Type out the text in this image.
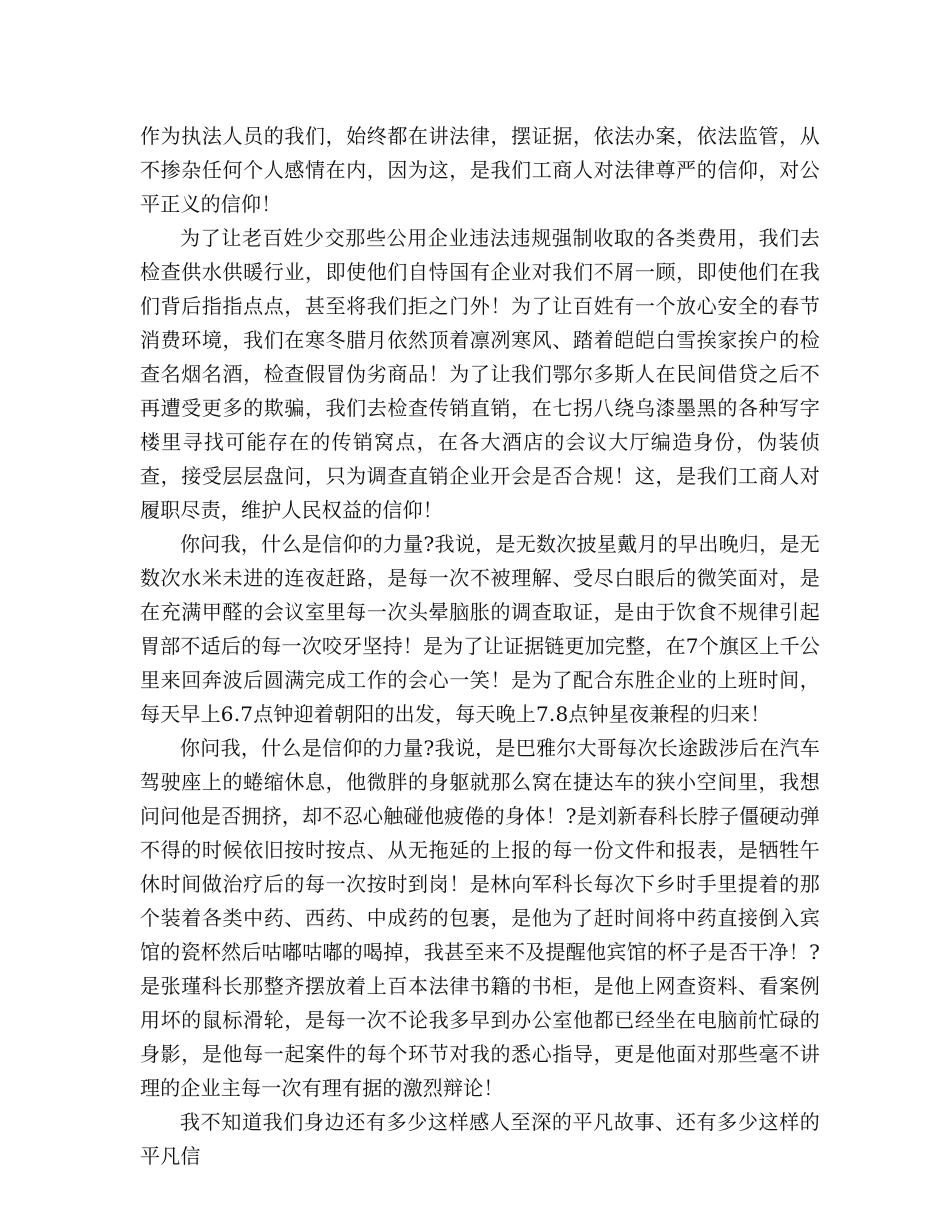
作为执法人员的我们，始终都在讲法律，摆证据，依法办案，依法监管，从不掺杂任何个人感情在内，因为这，是我们工商人对法律尊严的信仰，对公平正义的信仰！

为了让老百姓少交那些公用企业违法违规强制收取的各类费用，我们去检查供水供暖行业，即使他们自恃国有企业对我们不屑一顾，即使他们在我们背后指指点点，甚至将我们拒之门外！为了让百姓有一个放心安全的春节消费环境，我们在寒冬腊月依然顶着凛冽寒风、踏着皑皑白雪挨家挨户的检查名烟名酒，检查假冒伪劣商品！为了让我们鄂尔多斯人在民间借贷之后不再遭受更多的欺骗，我们去检查传销直销，在七拐八绕乌漆墨黑的各种写字楼里寻找可能存在的传销窝点，在各大酒店的会议大厅编造身份，伪装侦查，接受层层盘问，只为调查直销企业开会是否合规！这，是我们工商人对履职尽责，维护人民权益的信仰！

你问我，什么是信仰的力量?我说，是无数次披星戴月的早出晚归，是无数次水米未进的连夜赶路，是每一次不被理解、受尽白眼后的微笑面对，是在充满甲醛的会议室里每一次头晕脑胀的调查取证，是由于饮食不规律引起胃部不适后的每一次咬牙坚持！是为了让证据链更加完整，在7个旗区上千公里来回奔波后圆满完成工作的会心一笑！是为了配合东胜企业的上班时间，每天早上6.7点钟迎着朝阳的出发，每天晚上7.8点钟星夜兼程的归来！

你问我，什么是信仰的力量?我说，是巴雅尔大哥每次长途跋涉后在汽车驾驶座上的蜷缩休息，他微胖的身躯就那么窝在捷达车的狭小空间里，我想问问他是否拥挤，却不忍心触碰他疲倦的身体！?是刘新春科长脖子僵硬动弹不得的时候依旧按时按点、从无拖延的上报的每一份文件和报表，是牺牲午休时间做治疗后的每一次按时到岗！是林向军科长每次下乡时手里提着的那个装着各类中药、西药、中成药的包裹，是他为了赶时间将中药直接倒入宾馆的瓷杯然后咕嘟咕嘟的喝掉，我甚至来不及提醒他宾馆的杯子是否干净！?是张瑾科长那整齐摆放着上百本法律书籍的书柜，是他上网查资料、看案例用坏的鼠标滑轮，是每一次不论我多早到办公室他都已经坐在电脑前忙碌的身影，是他每一起案件的每个环节对我的悉心指导，更是他面对那些毫不讲理的企业主每一次有理有据的激烈辩论！

我不知道我们身边还有多少这样感人至深的平凡故事、还有多少这样的平凡信
